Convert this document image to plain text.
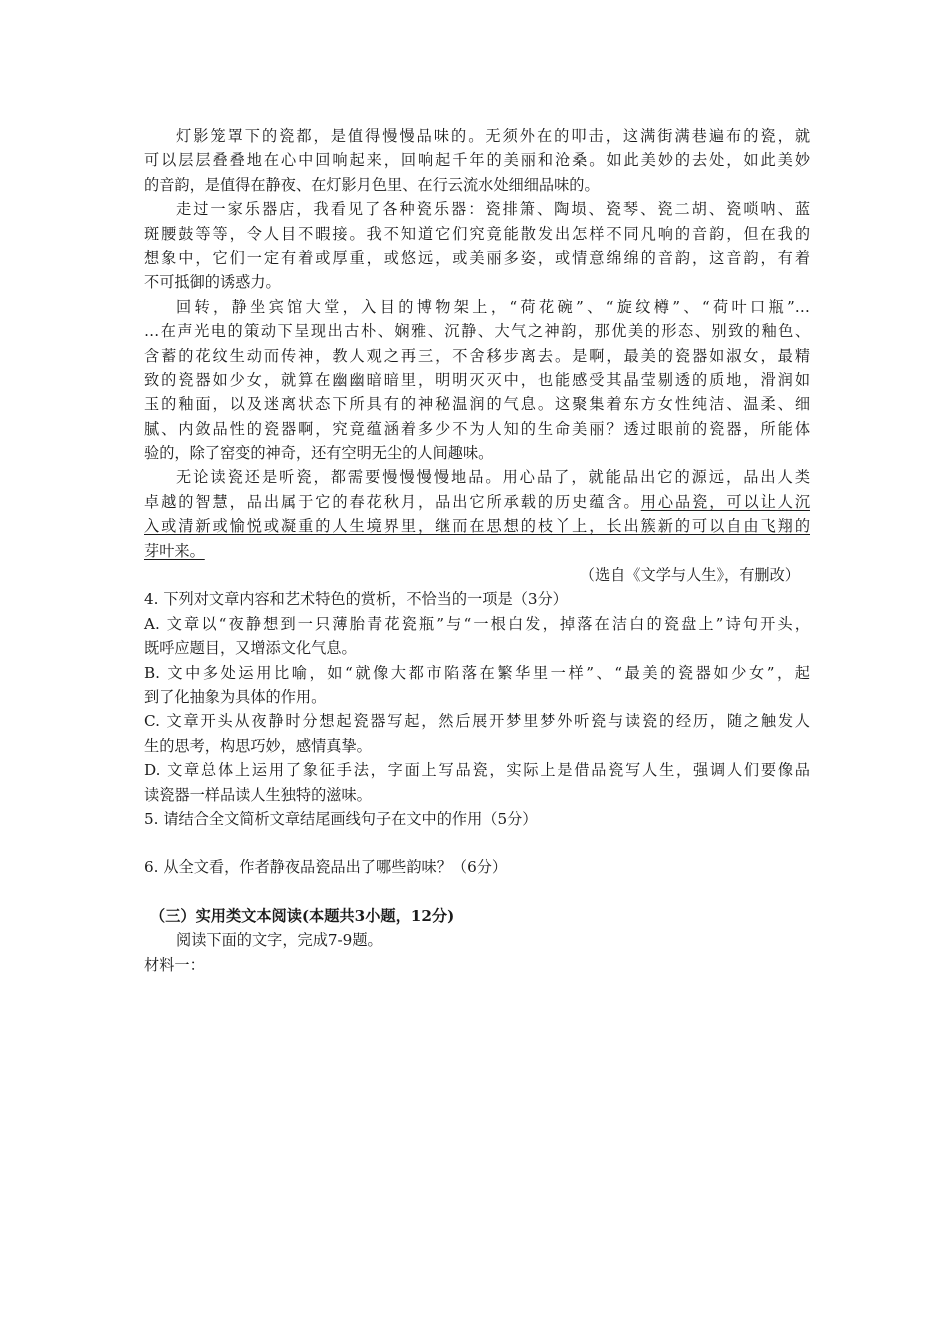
灯影笼罩下的瓷都，是值得慢慢品味的。无须外在的叩击，这满街满巷遍布的瓷，就
可以层层叠叠地在心中回响起来，回响起千年的美丽和沧桑。如此美妙的去处，如此美妙
的音韵，是值得在静夜、在灯影月色里、在行云流水处细细品味的。
走过一家乐器店，我看见了各种瓷乐器：瓷排箫、陶埙、瓷琴、瓷二胡、瓷唢呐、蓝
斑腰鼓等等，令人目不暇接。我不知道它们究竟能散发出怎样不同凡响的音韵，但在我的
想象中，它们一定有着或厚重，或悠远，或美丽多姿，或情意绵绵的音韵，这音韵，有着
不可抵御的诱惑力。
回转，静坐宾馆大堂，入目的博物架上，“荷花碗”、“旋纹樽”、“荷叶口瓶”…
…在声光电的策动下呈现出古朴、娴雅、沉静、大气之神韵，那优美的形态、别致的釉色、
含蓄的花纹生动而传神，教人观之再三，不舍移步离去。是啊，最美的瓷器如淑女，最精
致的瓷器如少女，就算在幽幽暗暗里，明明灭灭中，也能感受其晶莹剔透的质地，滑润如
玉的釉面，以及迷离状态下所具有的神秘温润的气息。这聚集着东方女性纯洁、温柔、细
腻、内敛品性的瓷器啊，究竟蕴涵着多少不为人知的生命美丽？透过眼前的瓷器，所能体
验的，除了窑变的神奇，还有空明无尘的人间趣味。
无论读瓷还是听瓷，都需要慢慢慢慢地品。用心品了，就能品出它的源远，品出人类
卓越的智慧，品出属于它的春花秋月，品出它所承载的历史蕴含。用心品瓷，可以让人沉
入或清新或愉悦或凝重的人生境界里，继而在思想的枝丫上，长出簇新的可以自由飞翔的
芽叶来。
（选自《文学与人生》，有删改）
4. 下列对文章内容和艺术特色的赏析，不恰当的一项是（3分）
A. 文章以“夜静想到一只薄胎青花瓷瓶”与“一根白发，掉落在洁白的瓷盘上”诗句开头，
既呼应题目，又增添文化气息。
B. 文中多处运用比喻，如“就像大都市陷落在繁华里一样”、“最美的瓷器如少女”，起
到了化抽象为具体的作用。
C. 文章开头从夜静时分想起瓷器写起，然后展开梦里梦外听瓷与读瓷的经历，随之触发人
生的思考，构思巧妙，感情真挚。
D. 文章总体上运用了象征手法，字面上写品瓷，实际上是借品瓷写人生，强调人们要像品
读瓷器一样品读人生独特的滋味。
5. 请结合全文简析文章结尾画线句子在文中的作用（5分）
6. 从全文看，作者静夜品瓷品出了哪些韵味？（6分）
（三）实用类文本阅读(本题共3小题，12分)
阅读下面的文字，完成7-9题。
材料一：
